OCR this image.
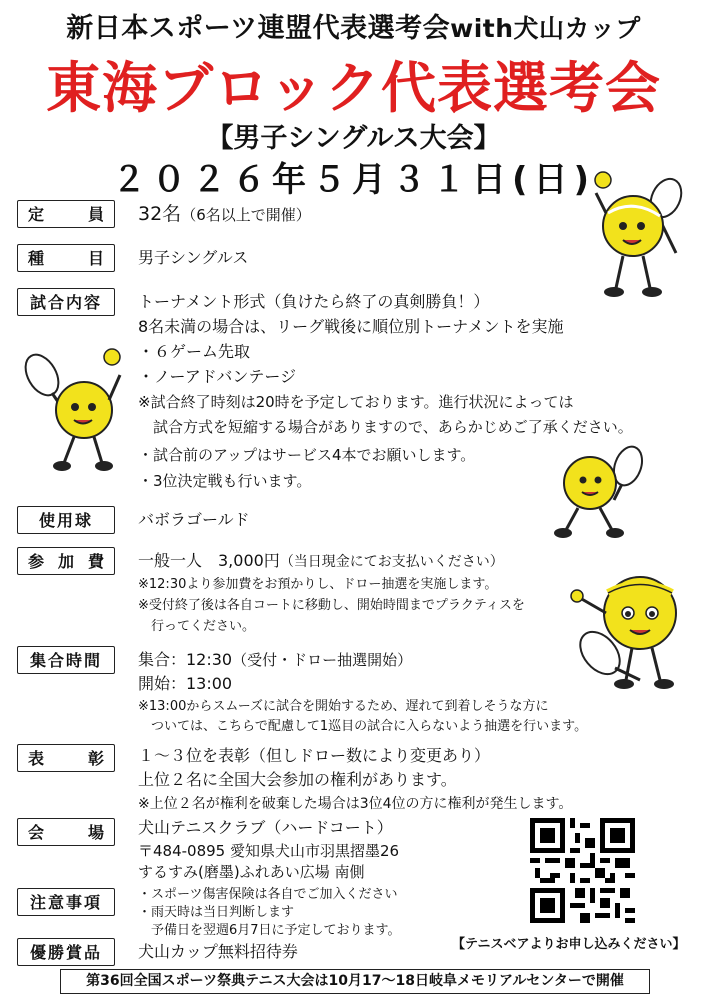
新日本スポーツ連盟代表選考会with犬山カップ
東海ブロック代表選考会
【男子シングルス大会】
２０２６年５月３１日(日)
定	員 32名（6名以上で開催）
種	目 男子シングルス
試合内容	トーナメント形式（負けたら終了の真剣勝負！）
8名未満の場合は、リーグ戦後に順位別トーナメントを実施
・６ゲーム先取
・ノーアドバンテージ
※試合終了時刻は20時を予定しております。進行状況によっては
　試合方式を短縮する場合がありますので、あらかじめご了承ください。
・試合前のアップはサービス4本でお願いします。
・3位決定戦も行います。
使用球	バボラゴールド
参 加 費 一般一人　3,000円（当日現金にてお支払いください）
※12:30より参加費をお預かりし、ドロー抽選を実施します。
※受付終了後は各自コートに移動し、開始時間までプラクティスを
　行ってください。
集合時間	集合：12:30（受付・ドロー抽選開始）
開始：13:00
※13:00からスムーズに試合を開始するため、遅れて到着しそうな方に
　ついては、こちらで配慮して1巡目の試合に入らないよう抽選を行います。
表	彰 １～３位を表彰（但しドロー数により変更あり）
上位２名に全国大会参加の権利があります。
※上位２名が権利を破棄した場合は3位4位の方に権利が発生します。
会	場 犬山テニスクラブ（ハードコート）
〒484-0895 愛知県犬山市羽黒摺墨26
するすみ(磨墨)ふれあい広場 南側
注意事項	・スポーツ傷害保険は各自でご加入ください
・雨天時は当日判断します
　予備日を翌週6月7日に予定しております。
優勝賞品	犬山カップ無料招待券	【テニスベアよりお申し込みください】
第36回全国スポーツ祭典テニス大会は10月17～18日岐阜メモリアルセンターで開催
